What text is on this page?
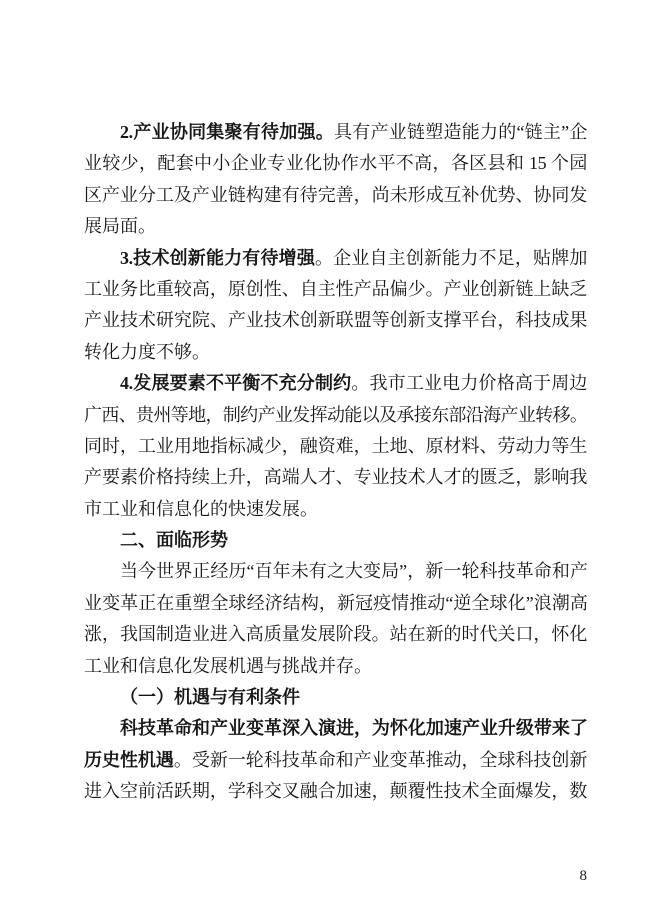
2.产业协同集聚有待加强。具有产业链塑造能力的“链主”企
业较少，配套中小企业专业化协作水平不高，各区县和 15 个园
区产业分工及产业链构建有待完善，尚未形成互补优势、协同发
展局面。
3.技术创新能力有待增强。企业自主创新能力不足，贴牌加
工业务比重较高，原创性、自主性产品偏少。产业创新链上缺乏
产业技术研究院、产业技术创新联盟等创新支撑平台，科技成果
转化力度不够。
4.发展要素不平衡不充分制约。我市工业电力价格高于周边
广西、贵州等地，制约产业发挥动能以及承接东部沿海产业转移。
同时，工业用地指标减少，融资难，土地、原材料、劳动力等生
产要素价格持续上升，高端人才、专业技术人才的匮乏，影响我
市工业和信息化的快速发展。
二、面临形势
当今世界正经历“百年未有之大变局”，新一轮科技革命和产
业变革正在重塑全球经济结构，新冠疫情推动“逆全球化”浪潮高
涨，我国制造业进入高质量发展阶段。站在新的时代关口，怀化
工业和信息化发展机遇与挑战并存。
（一）机遇与有利条件
科技革命和产业变革深入演进，为怀化加速产业升级带来了
历史性机遇。受新一轮科技革命和产业变革推动，全球科技创新
进入空前活跃期，学科交叉融合加速，颠覆性技术全面爆发，数
8
